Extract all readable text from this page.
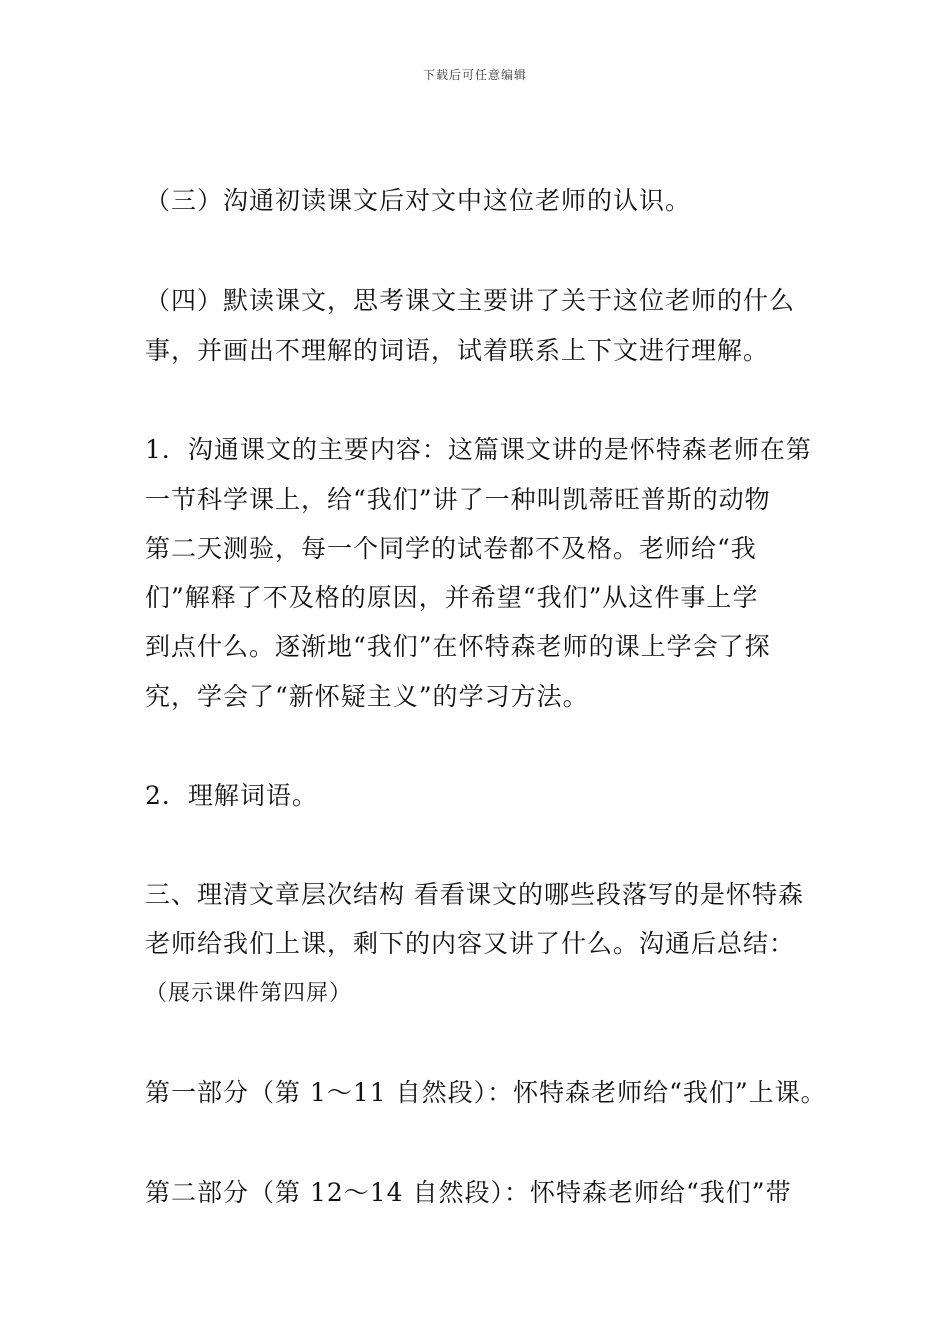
下载后可任意编辑
（三）沟通初读课文后对文中这位老师的认识。
（四）默读课文，思考课文主要讲了关于这位老师的什么
事，并画出不理解的词语，试着联系上下文进行理解。
1．沟通课文的主要内容：这篇课文讲的是怀特森老师在第
一节科学课上，给“我们”讲了一种叫凯蒂旺普斯的动物
第二天测验，每一个同学的试卷都不及格。老师给“我
们”解释了不及格的原因，并希望“我们”从这件事上学
到点什么。逐渐地“我们”在怀特森老师的课上学会了探
究，学会了“新怀疑主义”的学习方法。
2．理解词语。
三、理清文章层次结构 看看课文的哪些段落写的是怀特森
老师给我们上课，剩下的内容又讲了什么。沟通后总结：
（展示课件第四屏）
第一部分（第 1～11 自然段）：怀特森老师给“我们”上课。
第二部分（第 12～14 自然段）：怀特森老师给“我们”带
